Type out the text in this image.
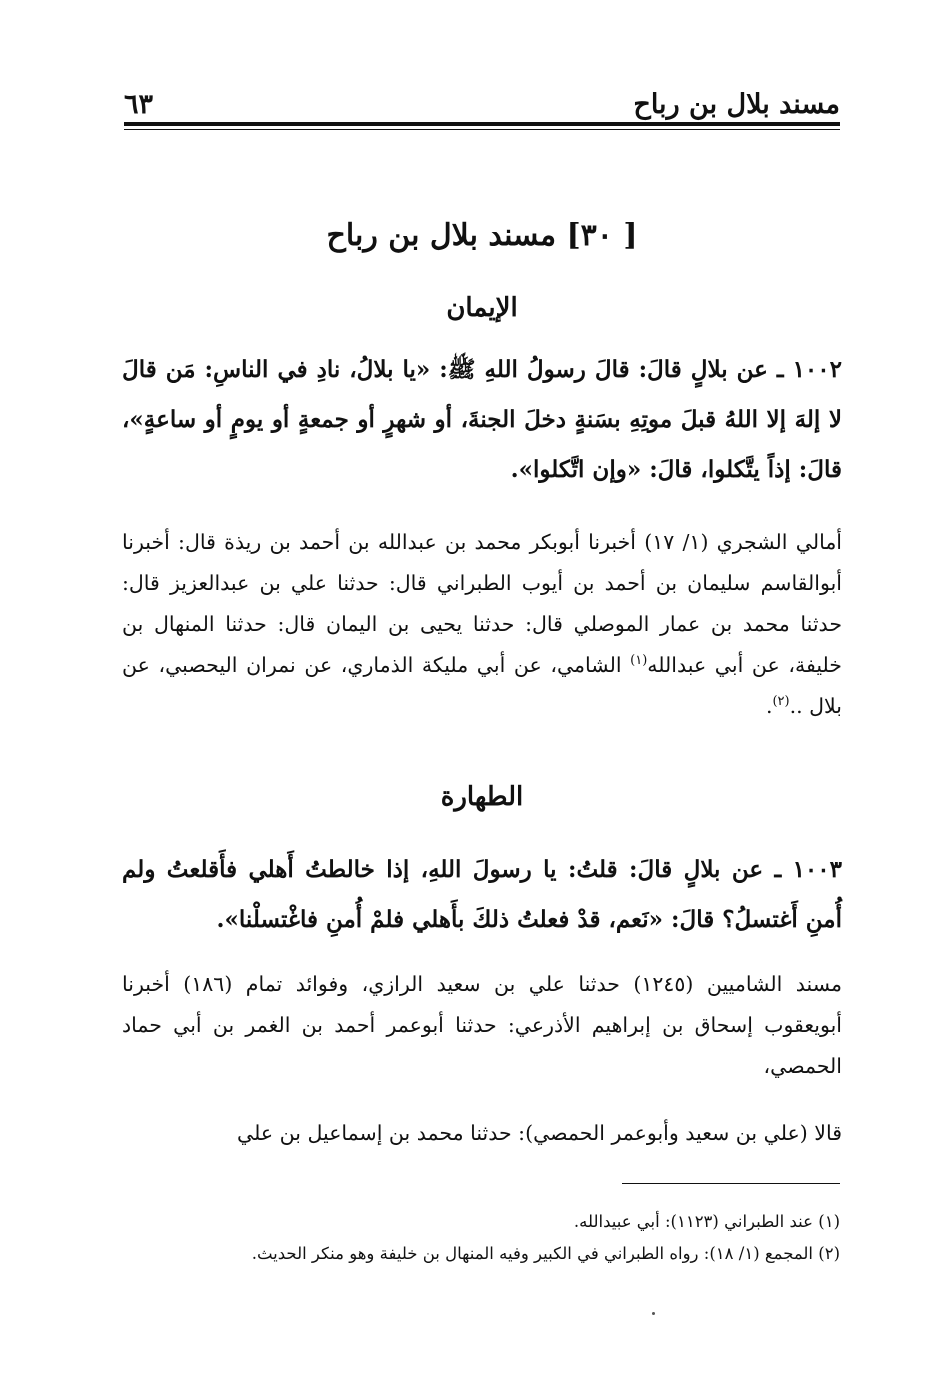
مسند بلال بن رباح
٦٣
[ ٣٠] مسند بلال بن رباح
الإيمان

١٠٠٢ ـ عن بلالٍ قالَ: قالَ رسولُ اللهِ ﷺ: «يا بلالُ، نادِ في الناسِ: مَن قالَ لا إلهَ إلا اللهُ قبلَ موتِهِ بسَنةٍ دخلَ الجنةَ، أو شهرٍ أو جمعةٍ أو يومٍ أو ساعةٍ»، قالَ: إذاً يتَّكلوا، قالَ: «وإن اتَّكلوا».

أمالي الشجري (١/ ١٧) أخبرنا أبوبكر محمد بن عبدالله بن أحمد بن ريذة قال: أخبرنا أبوالقاسم سليمان بن أحمد بن أيوب الطبراني قال: حدثنا علي بن عبدالعزيز قال: حدثنا محمد بن عمار الموصلي قال: حدثنا يحيى بن اليمان قال: حدثنا المنهال بن خليفة، عن أبي عبدالله$^{(١)}$ الشامي، عن أبي مليكة الذماري، عن نمران اليحصبي، عن بلال ..$^{(٢)}$.

الطهارة

١٠٠٣ ـ عن بلالٍ قالَ: قلتُ: يا رسولَ اللهِ، إذا خالطتُ أَهلي فأَقلعتُ ولم أُمنِ أَغتسلُ؟ قالَ: «نَعم، قدْ فعلتُ ذلكَ بأَهلي فلمْ أُمنِ فاغْتسلْنا».

مسند الشاميين (١٢٤٥) حدثنا علي بن سعيد الرازي، وفوائد تمام (١٨٦) أخبرنا أبويعقوب إسحاق بن إبراهيم الأذرعي: حدثنا أبوعمر أحمد بن الغمر بن أبي حماد الحمصي،

قالا (علي بن سعيد وأبوعمر الحمصي): حدثنا محمد بن إسماعيل بن علي

(١) عند الطبراني (١١٢٣): أبي عبيدالله.
(٢) المجمع (١/ ١٨): رواه الطبراني في الكبير وفيه المنهال بن خليفة وهو منكر الحديث.
